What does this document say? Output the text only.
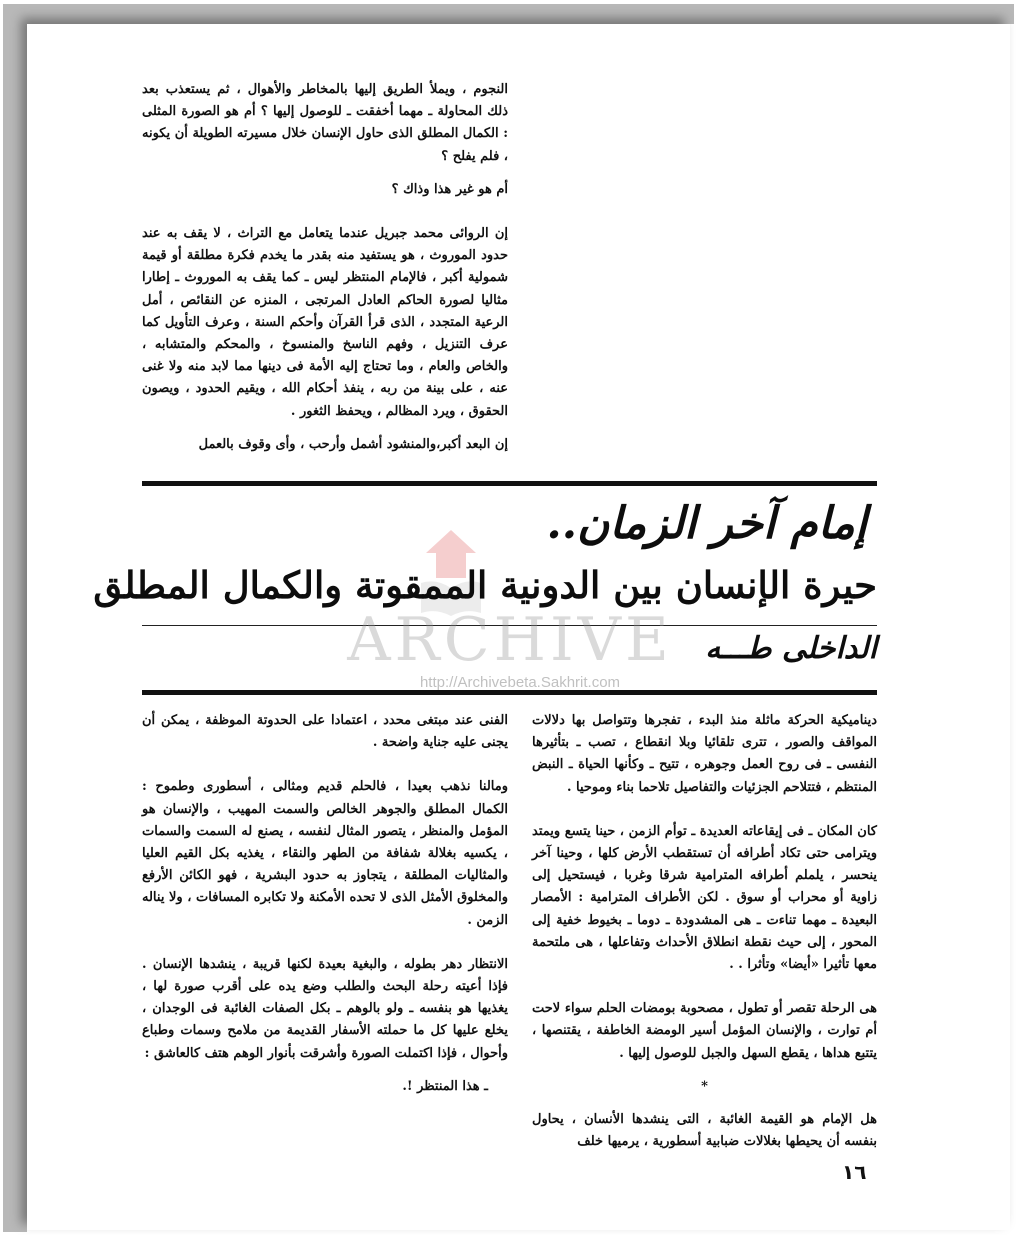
النجوم ، ويملأ الطريق إليها بالمخاطر والأهوال ، ثم يستعذب بعد ذلك المحاولة ـ مهما أخفقت ـ للوصول إليها ؟ أم هو الصورة المثلى : الكمال المطلق الذى حاول الإنسان خلال مسيرته الطويلة أن يكونه ، فلم يفلح ؟

أم هو غير هذا وذاك ؟

إن الروائى محمد جبريل عندما يتعامل مع التراث ، لا يقف به عند حدود الموروث ، هو يستفيد منه بقدر ما يخدم فكرة مطلقة أو قيمة شمولية أكبر ، فالإمام المنتظر ليس ـ كما يقف به الموروث ـ إطارا مثاليا لصورة الحاكم العادل المرتجى ، المنزه عن النقائص ، أمل الرعية المتجدد ، الذى قرأ القرآن وأحكم السنة ، وعرف التأويل كما عرف التنزيل ، وفهم الناسخ والمنسوخ ، والمحكم والمتشابه ، والخاص والعام ، وما تحتاج إليه الأمة فى دينها مما لابد منه ولا غنى عنه ، على بينة من ربه ، ينفذ أحكام الله ، ويقيم الحدود ، ويصون الحقوق ، ويرد المظالم ، ويحفظ الثغور .

إن البعد أكبر،والمنشود أشمل وأرحب ، وأى وقوف بالعمل

ARCHIVE
http://Archivebeta.Sakhrit.com
إمام آخر الزمان..
حيرة الإنسان بين الدونية الممقوتة والكمال المطلق
الداخلى طـــه

ديناميكية الحركة ماثلة منذ البدء ، تفجرها وتتواصل بها دلالات المواقف والصور ، تترى تلقائيا وبلا انقطاع ، تصب ـ بتأثيرها النفسى ـ فى روح العمل وجوهره ، تتيح ـ وكأنها الحياة ـ النبض المنتظم ، فتتلاحم الجزئيات والتفاصيل تلاحما بناء وموحيا .

كان المكان ـ فى إيقاعاته العديدة ـ توأم الزمن ، حينا يتسع ويمتد ويترامى حتى تكاد أطرافه أن تستقطب الأرض كلها ، وحينا آخر ينحسر ، يلملم أطرافه المترامية شرقا وغربا ، فيستحيل إلى زاوية أو محراب أو سوق . لكن الأطراف المترامية : الأمصار البعيدة ـ مهما تناءت ـ هى المشدودة ـ دوما ـ بخيوط خفية إلى المحور ، إلى حيث نقطة انطلاق الأحداث وتفاعلها ، هى ملتحمة معها تأثيرا «أيضا» وتأثرا . .

هى الرحلة تقصر أو تطول ، مصحوبة بومضات الحلم سواء لاحت أم توارت ، والإنسان المؤمل أسير الومضة الخاطفة ، يقتنصها ، يتتبع هداها ، يقطع السهل والجبل للوصول إليها .

*

هل الإمام هو القيمة الغائبة ، التى ينشدها الأنسان ، يحاول بنفسه أن يحيطها بغلالات ضبابية أسطورية ، يرميها خلف

الفنى عند مبتغى محدد ، اعتمادا على الحدوتة الموظفة ، يمكن أن يجنى عليه جناية واضحة .

ومالنا نذهب بعيدا ، فالحلم قديم ومثالى ، أسطورى وطموح : الكمال المطلق والجوهر الخالص والسمت المهيب ، والإنسان هو المؤمل والمنظر ، يتصور المثال لنفسه ، يصنع له السمت والسمات ، يكسيه بغلالة شفافة من الطهر والنقاء ، يغذيه بكل القيم العليا والمثاليات المطلقة ، يتجاوز به حدود البشرية ، فهو الكائن الأرفع والمخلوق الأمثل الذى لا تحده الأمكنة ولا تكابره المسافات ، ولا يناله الزمن .

الانتظار دهر بطوله ، والبغية بعيدة لكنها قريبة ، ينشدها الإنسان . فإذا أعيته رحلة البحث والطلب وضع يده على أقرب صورة لها ، يغذيها هو بنفسه ـ ولو بالوهم ـ بكل الصفات الغائبة فى الوجدان ، يخلع عليها كل ما حملته الأسفار القديمة من ملامح وسمات وطباع وأحوال ، فإذا اكتملت الصورة وأشرقت بأنوار الوهم هتف كالعاشق :

ـ هذا المنتظر !.

١٦
